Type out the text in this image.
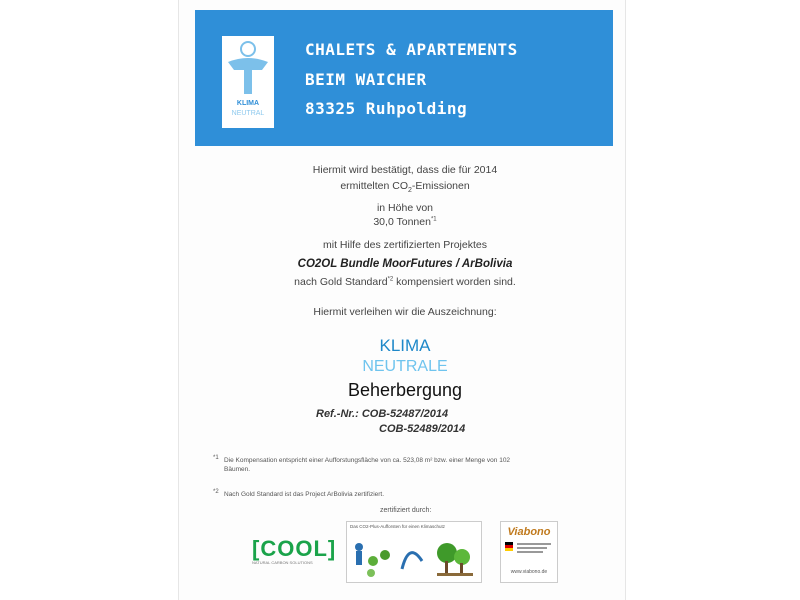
KLIMA
NEUTRAL
CHALETS & APARTEMENTS
BEIM WAICHER
83325 Ruhpolding
Hiermit wird bestätigt, dass die für 2014
ermittelten $CO_2$-Emissionen
in Höhe von
30,0 Tonnen$^{*1}$
mit Hilfe des zertifizierten Projektes
CO2OL Bundle MoorFutures / ArBolivia
nach Gold Standard$^{*2}$ kompensiert worden sind.
Hiermit verleihen wir die Auszeichnung:
KLIMA
NEUTRALE
Beherbergung
Ref.-Nr.: COB-52487/2014
COB-52489/2014
*1 Die Kompensation entspricht einer Aufforstungsfläche von ca. 523,08 m² bzw. einer Menge von 102
Bäumen.
*2 Nach Gold Standard ist das Project ArBolivia zertifiziert.
zertifiziert durch:
[COOL]
NATURAL CARBON SOLUTIONS
Das CO2-Plus-Aufforsten für einen Klimaschutz	Viabono
www.viabono.de
